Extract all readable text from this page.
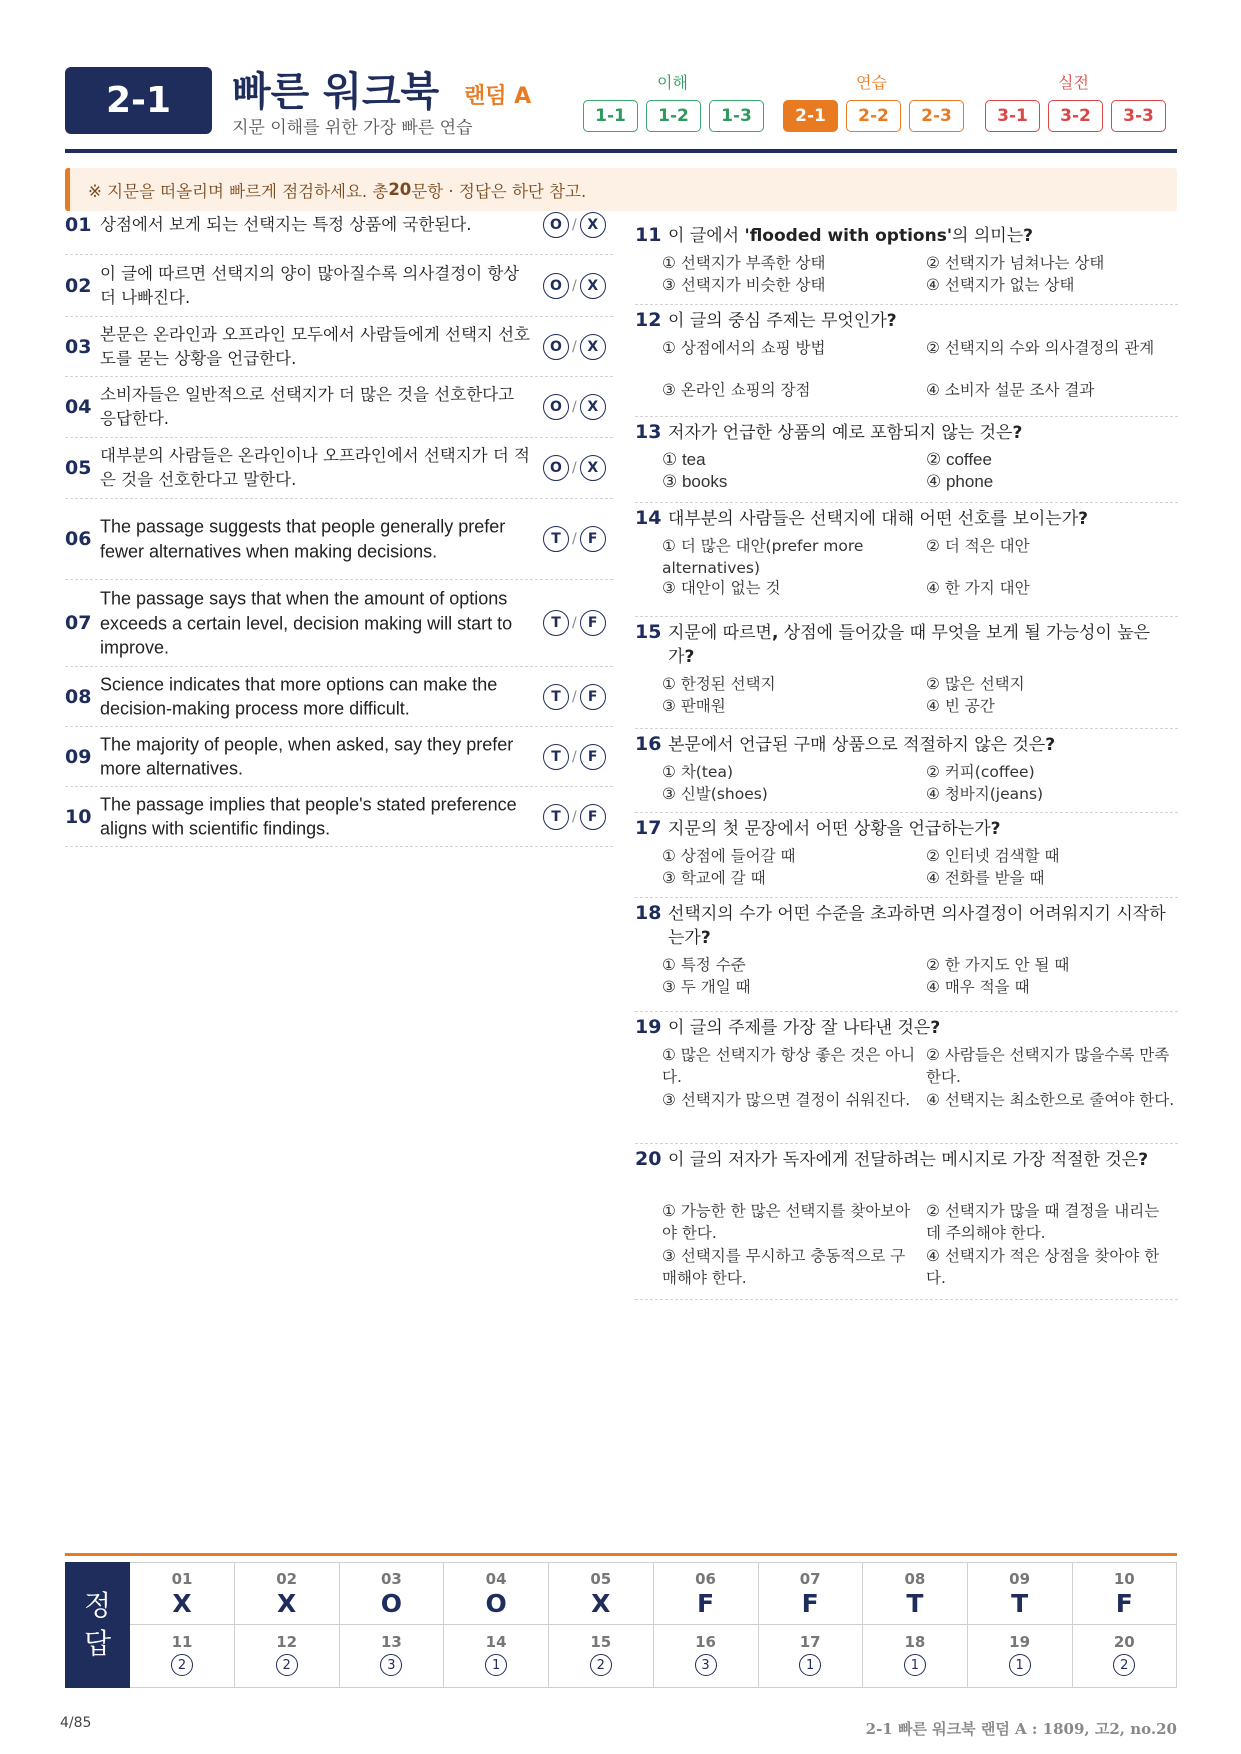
2-1	빠른 워크북 랜덤 A
지문 이해를 위한 가장 빠른 연습
이해
1-1	1-2	1-3
연습
2-1	2-2	2-3
실전
3-1	3-2	3-3
※ 지문을 떠올리며 빠르게 점검하세요. 총 20 문항 · 정답은 하단 참고.
01 상점에서 보게 되는 선택지는 특정 상품에 국한된다.	O / X
02
이 글에 따르면 선택지의 양이 많아질수록 의사결정이 항상 더 나빠진다.
O / X
03
본문은 온라인과 오프라인 모두에서 사람들에게 선택지 선호도를 묻는 상황을 언급한다.
O / X
04
소비자들은 일반적으로 선택지가 더 많은 것을 선호한다고 응답한다.
O / X
05
대부분의 사람들은 온라인이나 오프라인에서 선택지가 더 적은 것을 선호한다고 말한다.
O / X
06
The passage suggests that people generally prefer fewer alternatives when making decisions.
T / F
07
The passage says that when the amount of options exceeds a certain level, decision making will start to improve.
T / F
08
Science indicates that more options can make the decision-making process more difficult.
T / F
09
The majority of people, when asked, say they prefer more alternatives.
T / F
10
The passage implies that people's stated preference aligns with scientific findings.
T / F
11 이 글에서 'flooded with options'의 의미는?
① 선택지가 부족한 상태	② 선택지가 넘쳐나는 상태
③ 선택지가 비슷한 상태	④ 선택지가 없는 상태
12 이 글의 중심 주제는 무엇인가?
① 상점에서의 쇼핑 방법	② 선택지의 수와 의사결정의 관계
③ 온라인 쇼핑의 장점	④ 소비자 설문 조사 결과
13 저자가 언급한 상품의 예로 포함되지 않는 것은?
① tea	② coffee
③ books	④ phone
14 대부분의 사람들은 선택지에 대해 어떤 선호를 보이는가?
① 더 많은 대안(prefer more alternatives)
② 더 적은 대안
③ 대안이 없는 것	④ 한 가지 대안
15 지문에 따르면, 상점에 들어갔을 때 무엇을 보게 될 가능성이 높은가?
① 한정된 선택지	② 많은 선택지
③ 판매원	④ 빈 공간
16 본문에서 언급된 구매 상품으로 적절하지 않은 것은?
① 차(tea)	② 커피(coffee)
③ 신발(shoes)	④ 청바지(jeans)
17 지문의 첫 문장에서 어떤 상황을 언급하는가?
① 상점에 들어갈 때	② 인터넷 검색할 때
③ 학교에 갈 때	④ 전화를 받을 때
18 선택지의 수가 어떤 수준을 초과하면 의사결정이 어려워지기 시작하는가?
① 특정 수준	② 한 가지도 안 될 때
③ 두 개일 때	④ 매우 적을 때
19 이 글의 주제를 가장 잘 나타낸 것은?
① 많은 선택지가 항상 좋은 것은 아니다.
② 사람들은 선택지가 많을수록 만족한다.
③ 선택지가 많으면 결정이 쉬워진다.	④ 선택지는 최소한으로 줄여야 한다.
20 이 글의 저자가 독자에게 전달하려는 메시지로 가장 적절한 것은?
① 가능한 한 많은 선택지를 찾아보아야 한다.
② 선택지가 많을 때 결정을 내리는 데 주의해야 한다.
③ 선택지를 무시하고 충동적으로 구매해야 한다.
④ 선택지가 적은 상점을 찾아야 한다.
정
답
01
X
02
X
03
O
04
O
05
X
06
F
07
F
08
T
09
T
10
F
11
2
12
2
13
3
14
1
15
2
16
3
17
1
18
1
19
1
20
2
4/85	2-1 빠른 워크북 랜덤 A : 1809, 고2, no.20
